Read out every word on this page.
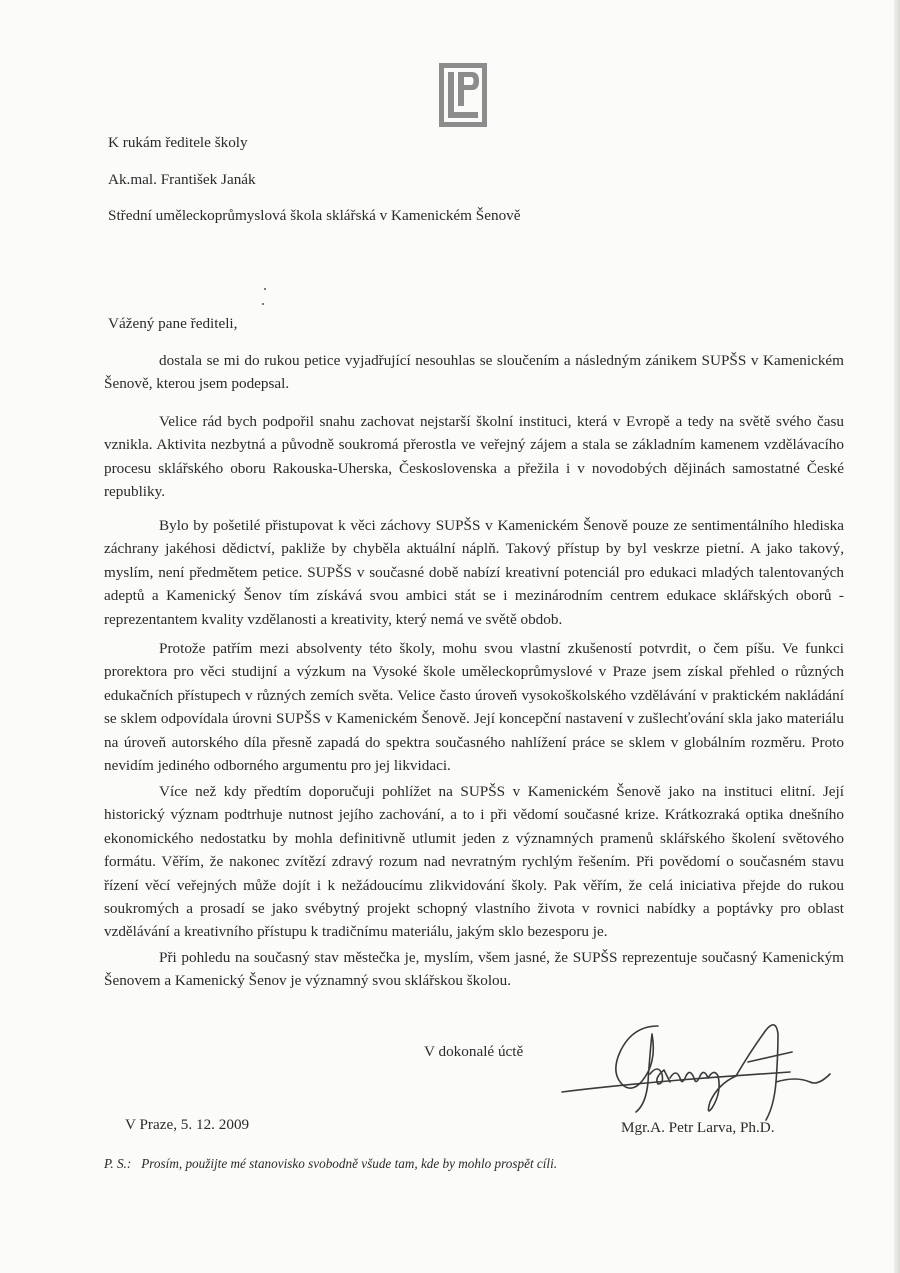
K rukám ředitele školy
Ak.mal. František Janák
Střední uměleckoprůmyslová škola sklářská v Kamenickém Šenově
Vážený pane řediteli,
dostala se mi do rukou petice vyjadřující nesouhlas se sloučením a následným zánikem SUPŠS v Kamenickém Šenově, kterou jsem podepsal.
Velice rád bych podpořil snahu zachovat nejstarší školní instituci, která v Evropě a tedy na světě svého času vznikla. Aktivita nezbytná a původně soukromá přerostla ve veřejný zájem a stala se základním kamenem vzdělávacího procesu sklářského oboru Rakouska-Uherska, Československa a přežila i v novodobých dějinách samostatné České republiky.
Bylo by pošetilé přistupovat k věci záchovy SUPŠS v Kamenickém Šenově pouze ze sentimentálního hlediska záchrany jakéhosi dědictví, pakliže by chyběla aktuální náplň. Takový přístup by byl veskrze pietní. A jako takový, myslím, není předmětem petice. SUPŠS v současné době nabízí kreativní potenciál pro edukaci mladých talentovaných adeptů a Kamenický Šenov tím získává svou ambici stát se i mezinárodním centrem edukace sklářských oborů - reprezentantem kvality vzdělanosti a kreativity, který nemá ve světě obdob.
Protože patřím mezi absolventy této školy, mohu svou vlastní zkušeností potvrdit, o čem píšu. Ve funkci prorektora pro věci studijní a výzkum na Vysoké škole uměleckoprůmyslové v Praze jsem získal přehled o různých edukačních přístupech v různých zemích světa. Velice často úroveň vysokoškolského vzdělávání v praktickém nakládání se sklem odpovídala úrovni SUPŠS v Kamenickém Šenově. Její koncepční nastavení v zušlechťování skla jako materiálu na úroveň autorského díla přesně zapadá do spektra současného nahlížení práce se sklem v globálním rozměru. Proto nevidím jediného odborného argumentu pro jej likvidaci.
Více než kdy předtím doporučuji pohlížet na SUPŠS v Kamenickém Šenově jako na instituci elitní. Její historický význam podtrhuje nutnost jejího zachování, a to i při vědomí současné krize. Krátkozraká optika dnešního ekonomického nedostatku by mohla definitivně utlumit jeden z významných pramenů sklářského školení světového formátu. Věřím, že nakonec zvítězí zdravý rozum nad nevratným rychlým řešením. Při povědomí o současném stavu řízení věcí veřejných může dojít i k nežádoucímu zlikvidování školy. Pak věřím, že celá iniciativa přejde do rukou soukromých a prosadí se jako svébytný projekt schopný vlastního života v rovnici nabídky a poptávky pro oblast vzdělávání a kreativního přístupu k tradičnímu materiálu, jakým sklo bezesporu je.
Při pohledu na současný stav městečka je, myslím, všem jasné, že SUPŠS reprezentuje současný Kamenickým Šenovem a Kamenický Šenov je významný svou sklářskou školou.
V dokonalé úctě
V Praze, 5. 12. 2009	Mgr.A. Petr Larva, Ph.D.
P. S.: Prosím, použijte mé stanovisko svobodně všude tam, kde by mohlo prospět cíli.
